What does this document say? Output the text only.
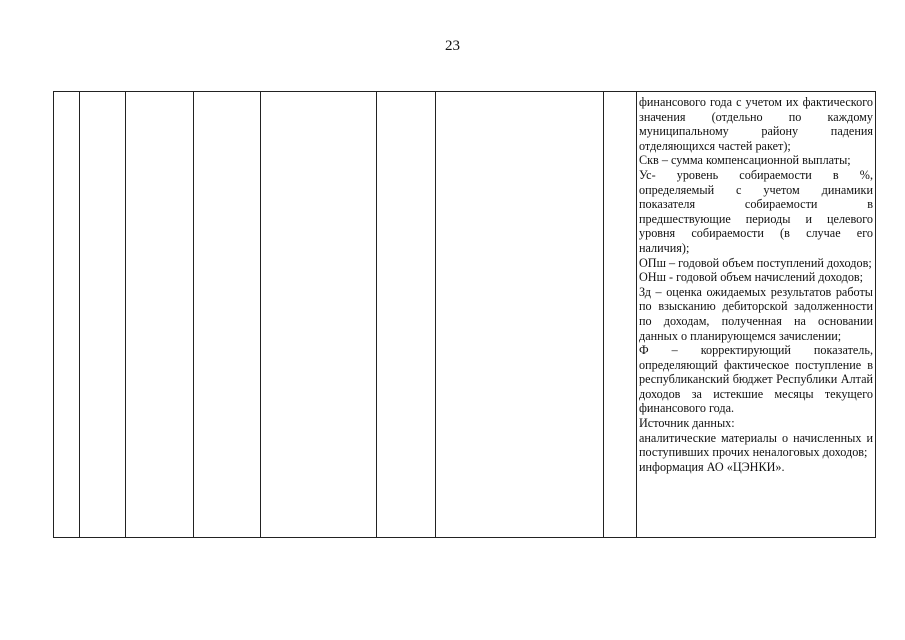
23

финансового года с учетом их фактического значения (отдельно по каждому муниципальному району падения отделяющихся частей ракет);
Скв – сумма компенсационной выплаты;
Ус- уровень собираемости в %, определяемый с учетом динамики показателя собираемости в предшествующие периоды и целевого уровня собираемости (в случае его наличия);
ОПш – годовой объем поступлений доходов;
ОНш - годовой объем начислений доходов;
Зд – оценка ожидаемых результатов работы по взысканию дебиторской задолженности по доходам, полученная на основании данных о планирующемся зачислении;
Ф – корректирующий показатель, определяющий фактическое поступление в республиканский бюджет Республики Алтай доходов за истекшие месяцы текущего финансового года.
Источник данных:
аналитические материалы о начисленных и поступивших прочих неналоговых доходов;
информация АО «ЦЭНКИ».
